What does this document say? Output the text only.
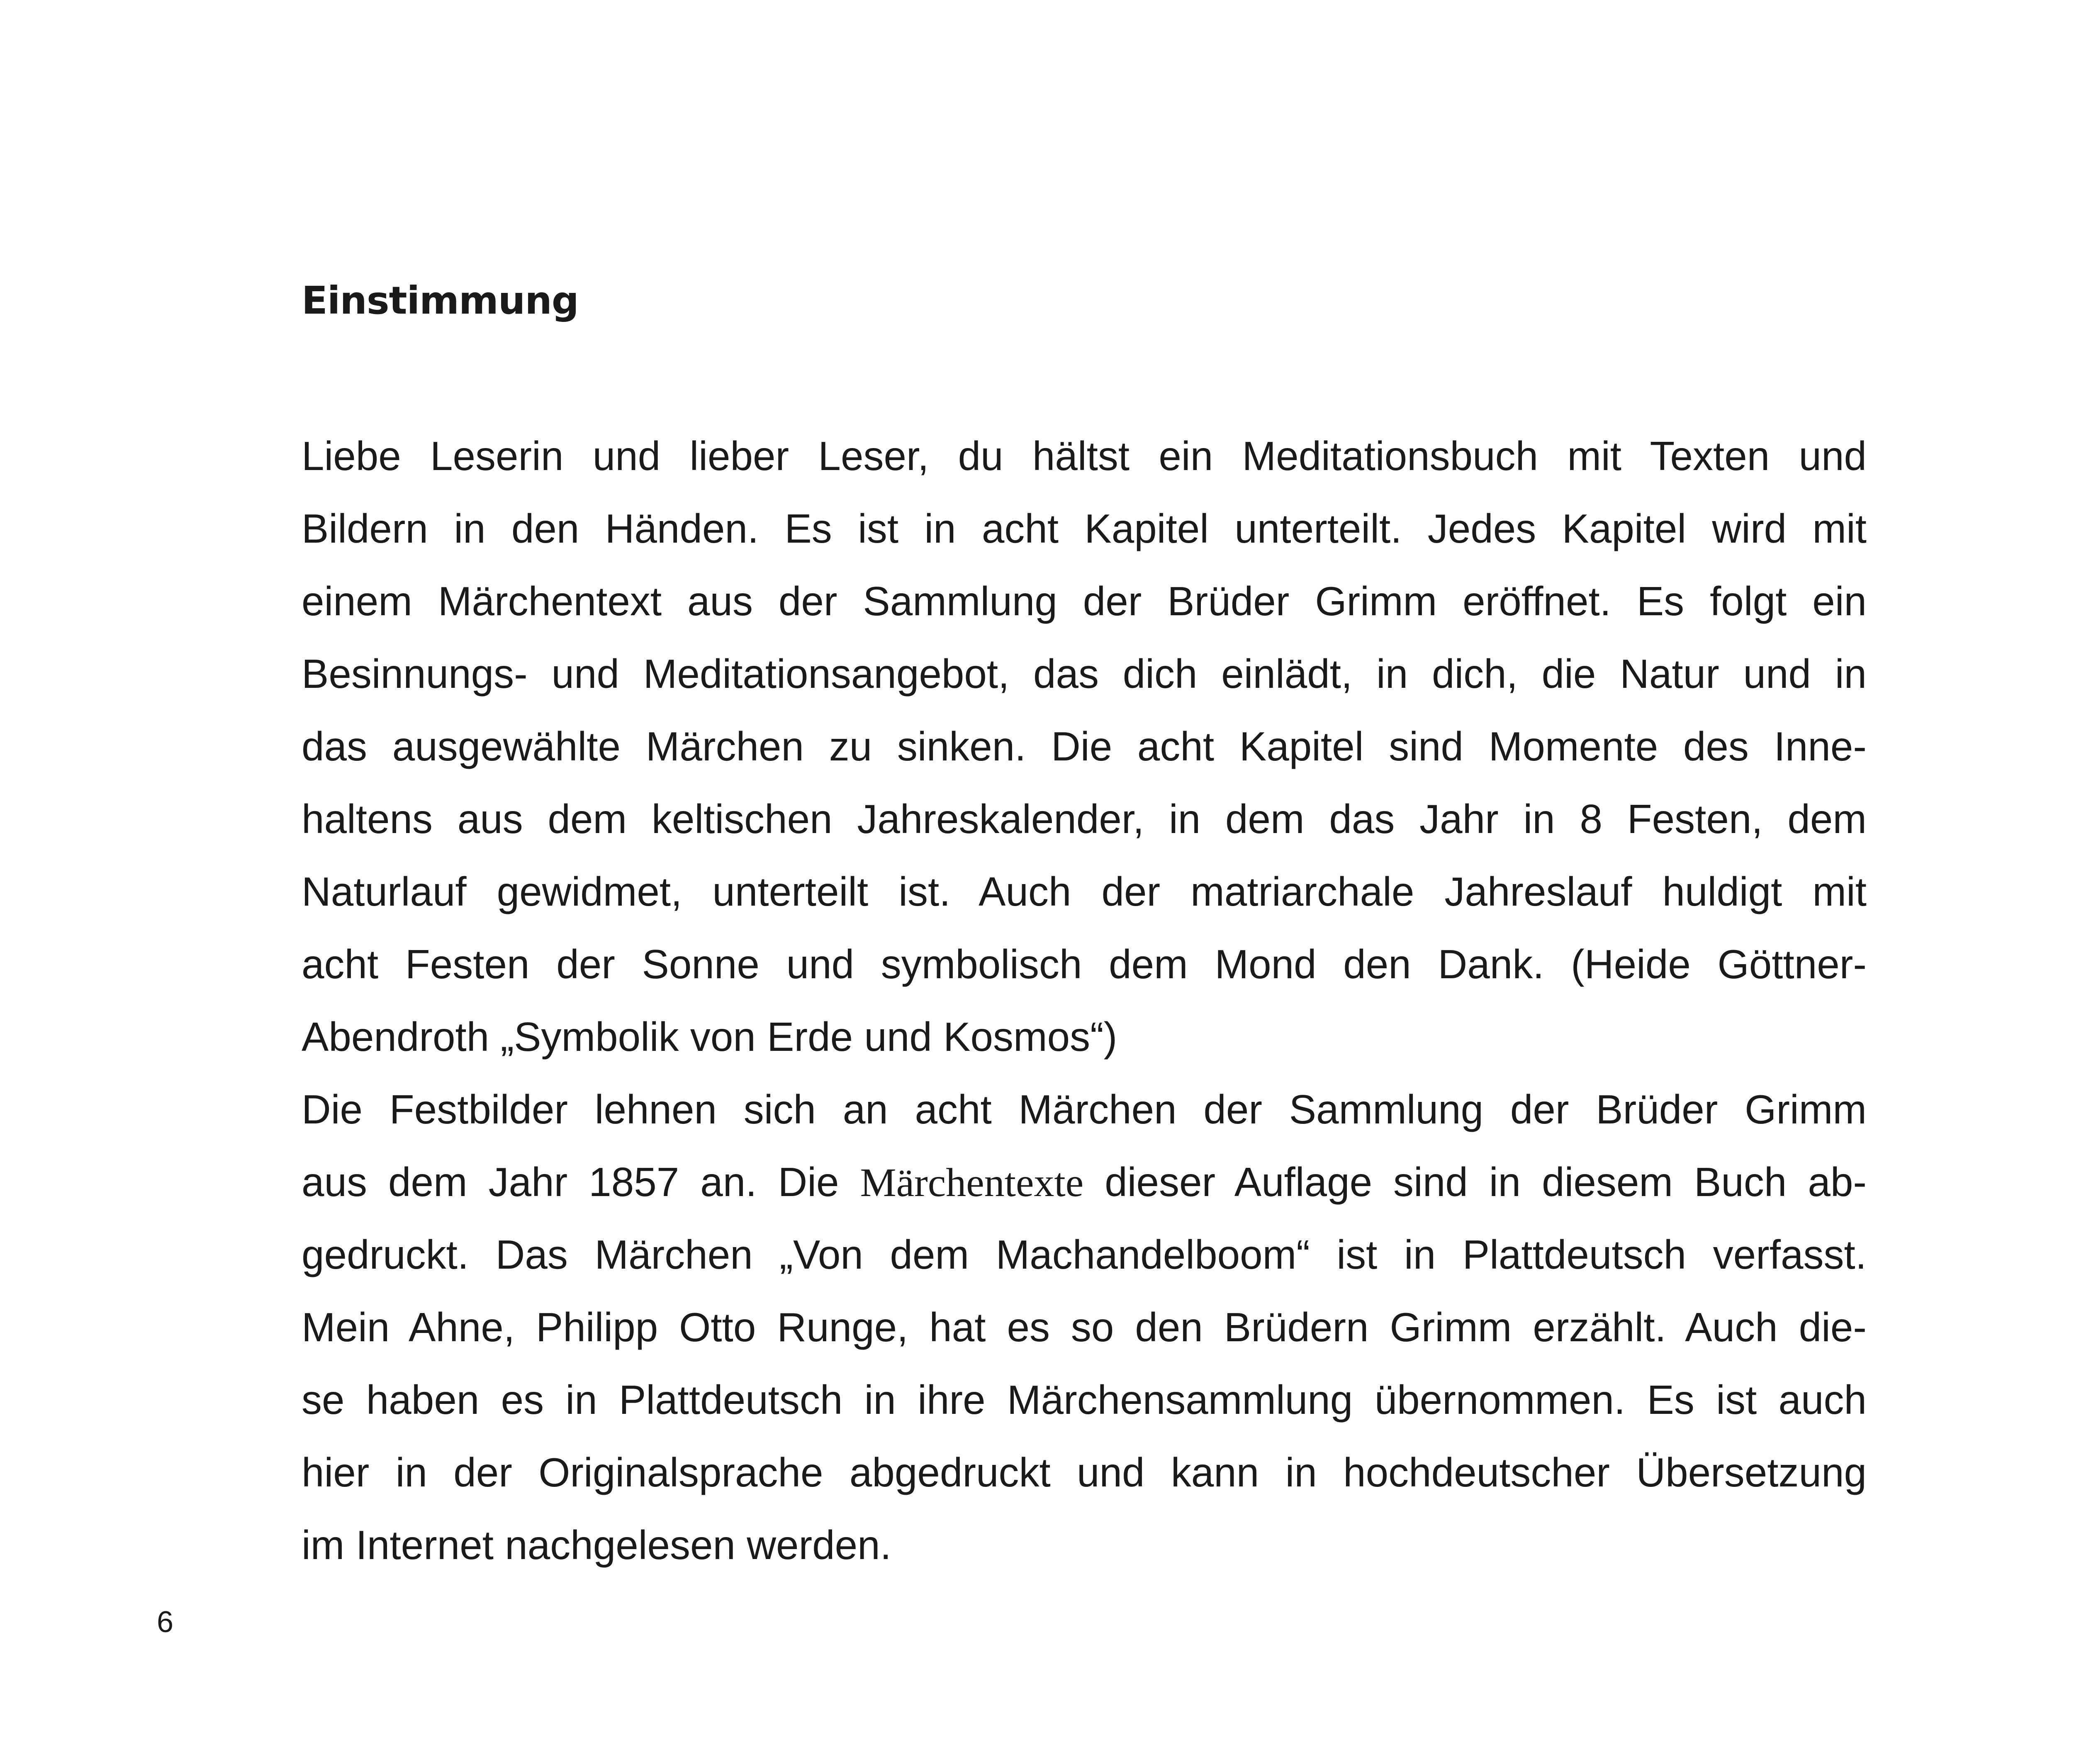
Einstimmung
Liebe Leserin und lieber Leser, du hältst ein Meditationsbuch mit Texten und
Bildern in den Händen. Es ist in acht Kapitel unterteilt. Jedes Kapitel wird mit
einem Märchentext aus der Sammlung der Brüder Grimm eröffnet. Es folgt ein
Besinnungs- und Meditationsangebot, das dich einlädt, in dich, die Natur und in
das ausgewählte Märchen zu sinken. Die acht Kapitel sind Momente des Inne-
haltens aus dem keltischen Jahreskalender, in dem das Jahr in 8 Festen, dem
Naturlauf gewidmet, unterteilt ist. Auch der matriarchale Jahreslauf huldigt mit
acht Festen der Sonne und symbolisch dem Mond den Dank. (Heide Göttner-
Abendroth „Symbolik von Erde und Kosmos“)
Die Festbilder lehnen sich an acht Märchen der Sammlung der Brüder Grimm
aus dem Jahr 1857 an. Die Märchentexte dieser Auflage sind in diesem Buch ab-
gedruckt. Das Märchen „Von dem Machandelboom“ ist in Plattdeutsch verfasst.
Mein Ahne, Philipp Otto Runge, hat es so den Brüdern Grimm erzählt. Auch die-
se haben es in Plattdeutsch in ihre Märchensammlung übernommen. Es ist auch
hier in der Originalsprache abgedruckt und kann in hochdeutscher Übersetzung
im Internet nachgelesen werden.
6
